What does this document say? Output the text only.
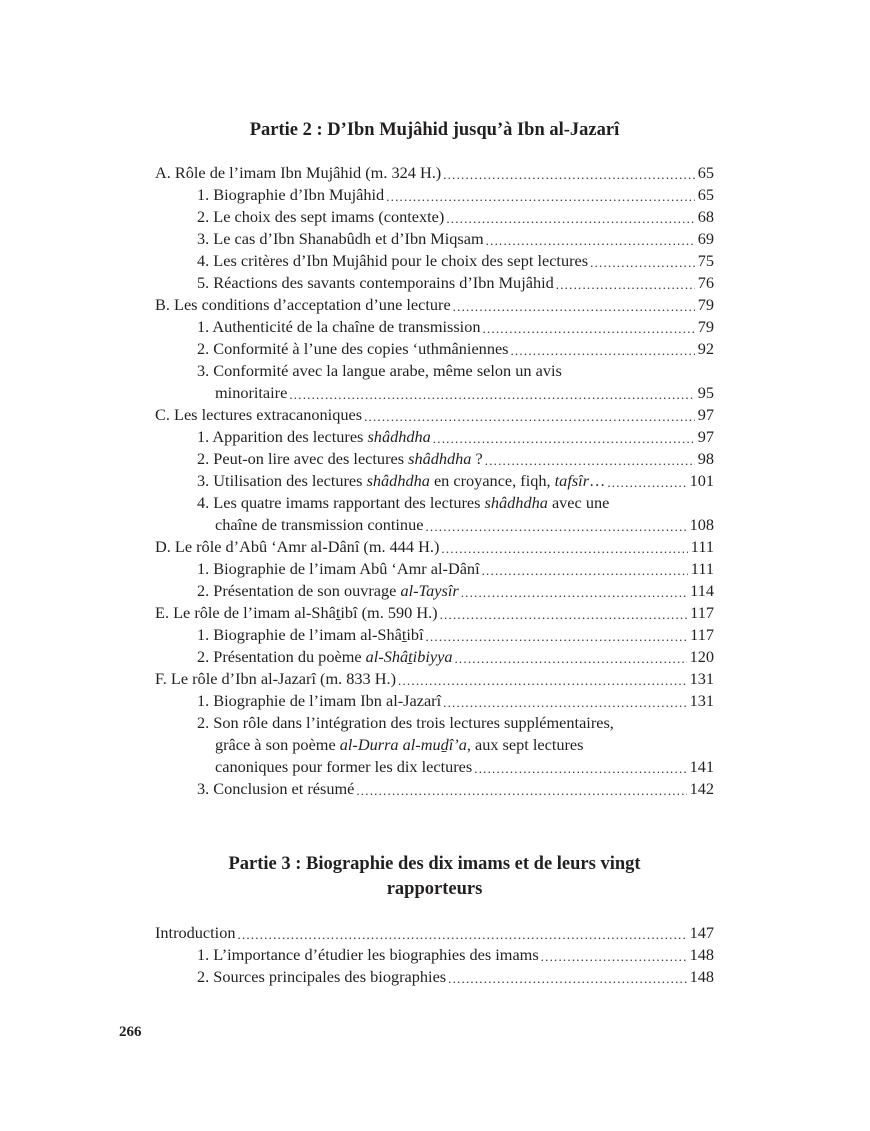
Partie 2 : D’Ibn Mujâhid jusqu’à Ibn al-Jazarî
A. Rôle de l’imam Ibn Mujâhid (m. 324 H.) .....	65
1. Biographie d’Ibn Mujâhid .....	65
2. Le choix des sept imams (contexte) .....	68
3. Le cas d’Ibn Shanabûdh et d’Ibn Miqsam .....	69
4. Les critères d’Ibn Mujâhid pour le choix des sept lectures .....	75
5. Réactions des savants contemporains d’Ibn Mujâhid .....	76
B. Les conditions d’acceptation d’une lecture .....	79
1. Authenticité de la chaîne de transmission .....	79
2. Conformité à l’une des copies ‘uthmâniennes .....	92
3. Conformité avec la langue arabe, même selon un avis
minoritaire .....	95
C. Les lectures extracanoniques .....	97
1. Apparition des lectures shâdhdha .....	97
2. Peut-on lire avec des lectures shâdhdha ? .....	98
3. Utilisation des lectures shâdhdha en croyance, fiqh, tafsîr… .....	101
4. Les quatre imams rapportant des lectures shâdhdha avec une
chaîne de transmission continue .....	108
D. Le rôle d’Abû ‘Amr al-Dânî (m. 444 H.) .....	111
1. Biographie de l’imam Abû ‘Amr al-Dânî .....	111
2. Présentation de son ouvrage al-Taysîr .....	114
E. Le rôle de l’imam al-Shâṯibî (m. 590 H.) .....	117
1. Biographie de l’imam al-Shâṯibî .....	117
2. Présentation du poème al-Shâṯibiyya .....	120
F. Le rôle d’Ibn al-Jazarî (m. 833 H.) .....	131
1. Biographie de l’imam Ibn al-Jazarî .....	131
2. Son rôle dans l’intégration des trois lectures supplémentaires,
grâce à son poème al-Durra al-muḏî’a, aux sept lectures
canoniques pour former les dix lectures .....	141
3. Conclusion et résumé .....	142
Partie 3 : Biographie des dix imams et de leurs vingt
rapporteurs
Introduction .....	147
1. L’importance d’étudier les biographies des imams .....	148
2. Sources principales des biographies .....	148
266
